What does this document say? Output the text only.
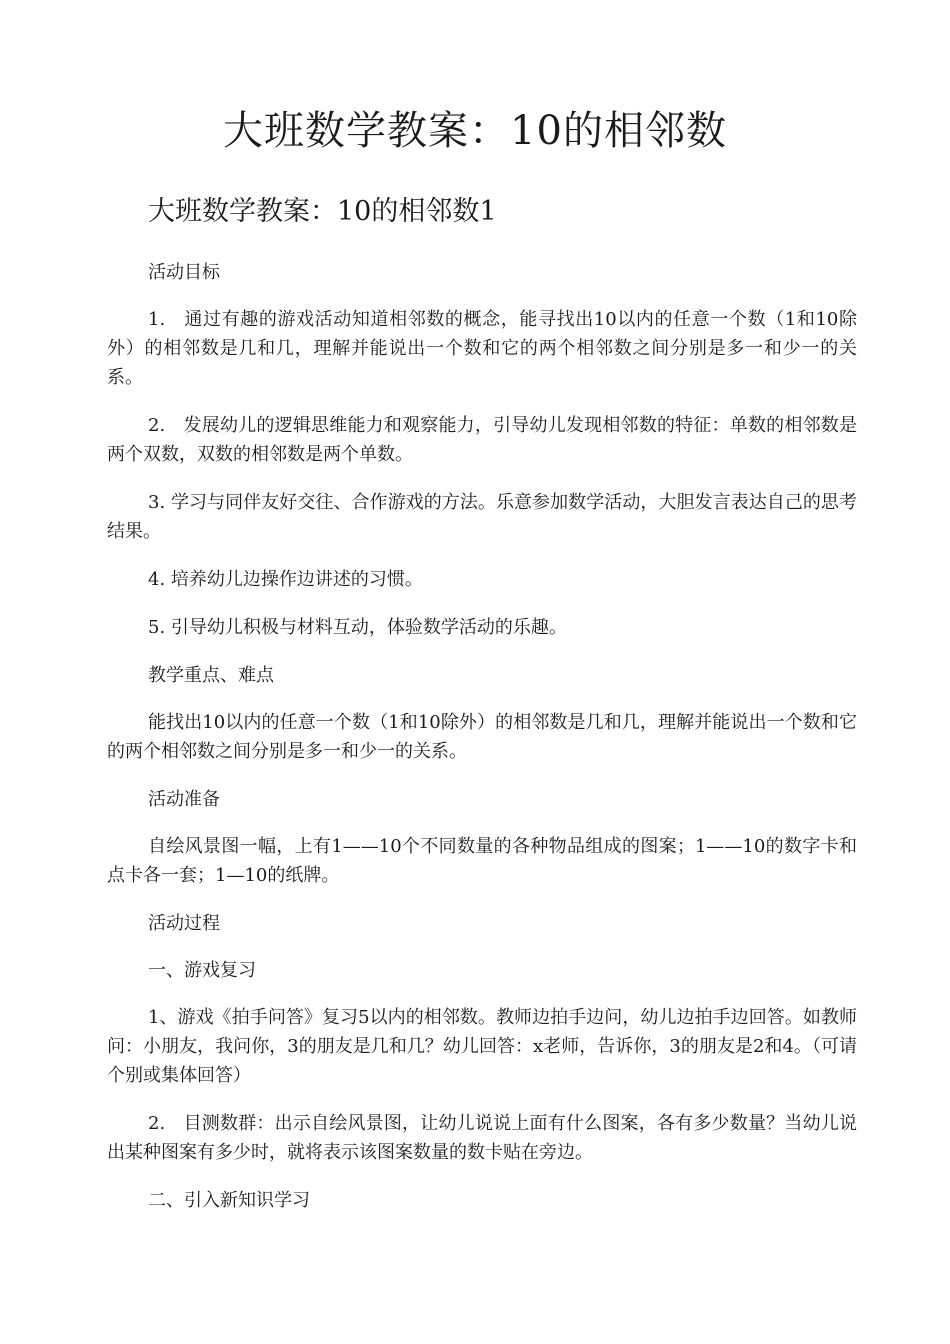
大班数学教案：10的相邻数
大班数学教案：10的相邻数1

活动目标

1.　通过有趣的游戏活动知道相邻数的概念，能寻找出10以内的任意一个数（1和10除外）的相邻数是几和几，理解并能说出一个数和它的两个相邻数之间分别是多一和少一的关系。

2.　发展幼儿的逻辑思维能力和观察能力，引导幼儿发现相邻数的特征：单数的相邻数是两个双数，双数的相邻数是两个单数。

3. 学习与同伴友好交往、合作游戏的方法。乐意参加数学活动，大胆发言表达自己的思考结果。

4. 培养幼儿边操作边讲述的习惯。

5. 引导幼儿积极与材料互动，体验数学活动的乐趣。

教学重点、难点

能找出10以内的任意一个数（1和10除外）的相邻数是几和几，理解并能说出一个数和它的两个相邻数之间分别是多一和少一的关系。

活动准备

自绘风景图一幅，上有1——10个不同数量的各种物品组成的图案；1——10的数字卡和点卡各一套；1—10的纸牌。

活动过程

一、游戏复习

1、游戏《拍手问答》复习5以内的相邻数。教师边拍手边问，幼儿边拍手边回答。如教师问：小朋友，我问你，3的朋友是几和几？幼儿回答：x老师，告诉你，3的朋友是2和4。（可请个别或集体回答）

2.　目测数群：出示自绘风景图，让幼儿说说上面有什么图案，各有多少数量？当幼儿说出某种图案有多少时，就将表示该图案数量的数卡贴在旁边。

二、引入新知识学习
